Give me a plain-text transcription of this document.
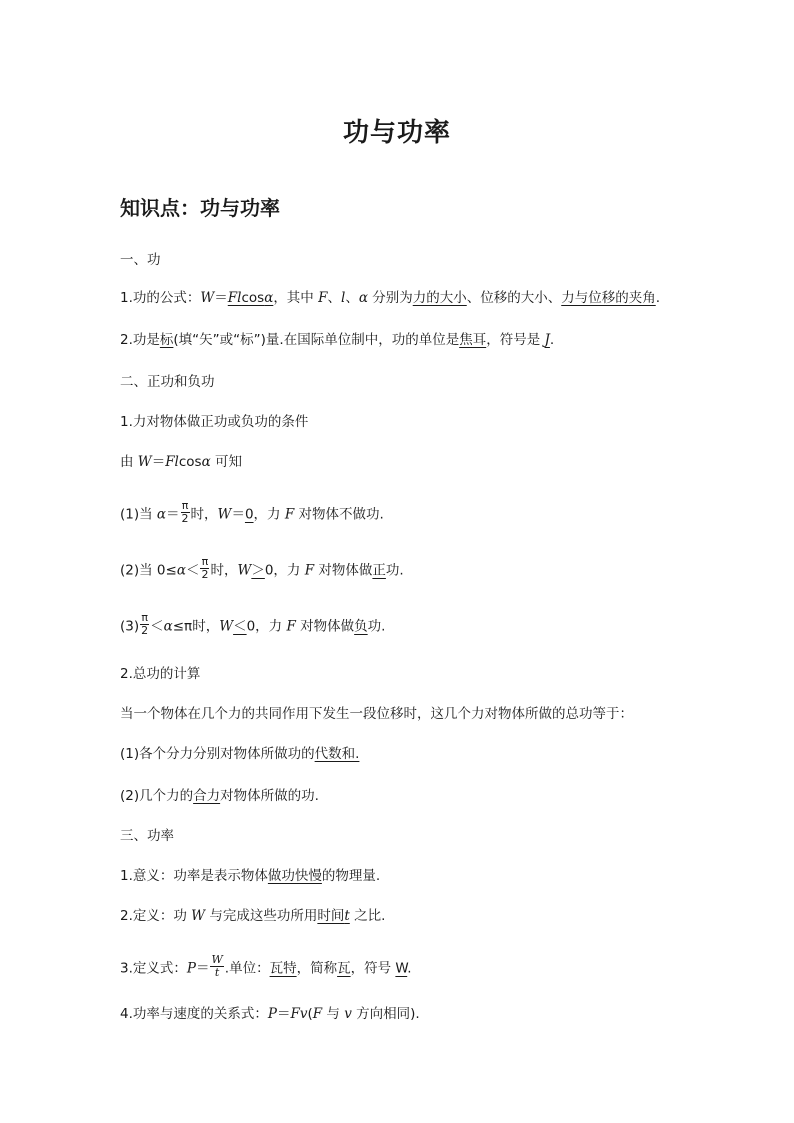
功与功率
知识点：功与功率
一、功
1.功的公式：W＝Flcosα，其中 F、l、α 分别为力的大小、位移的大小、力与位移的夹角.
2.功是标(填“矢”或“标”)量.在国际单位制中，功的单位是焦耳，符号是 J.
二、正功和负功
1.力对物体做正功或负功的条件
由 W＝Flcosα 可知
(1)当 $\alpha= \frac{\pi}{2}$ 时，W＝0，力 F 对物体不做功.
(2)当 $0\le\alpha< \frac{\pi}{2}$ 时，W＞0，力 F 对物体做正功.
$(3) \frac{\pi}{2} <\alpha\le\pi$时，W＜0，力 F 对物体做负功.
2.总功的计算
当一个物体在几个力的共同作用下发生一段位移时，这几个力对物体所做的总功等于：
(1)各个分力分别对物体所做功的代数和.
(2)几个力的合力对物体所做的功.
三、功率
1.意义：功率是表示物体做功快慢的物理量.
2.定义：功 W 与完成这些功所用时间t 之比.
3.定义式：$P= \frac{W}{t}$ .单位：瓦特，简称瓦，符号 W.
4.功率与速度的关系式：P＝Fv(F 与 v 方向相同).
